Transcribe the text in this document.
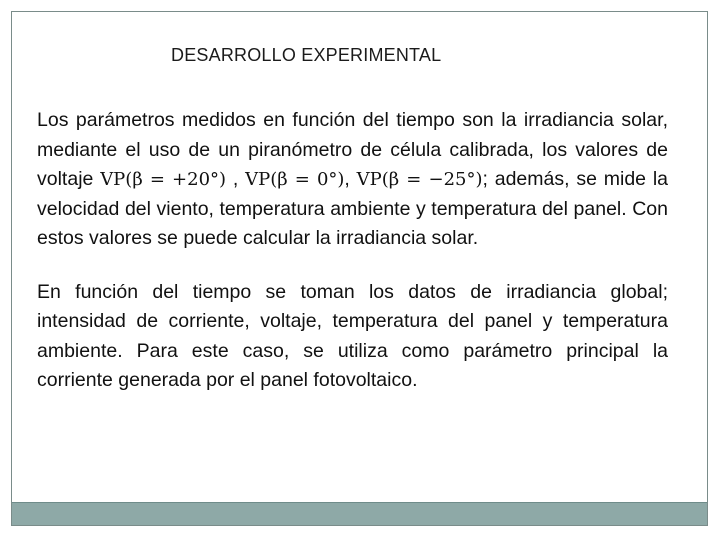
DESARROLLO EXPERIMENTAL

Los parámetros medidos en función del tiempo son la irradiancia solar, mediante el uso de un piranómetro de célula calibrada, los valores de voltaje VP(β = +20°) , VP(β = 0°), VP(β = −25°); además, se mide la velocidad del viento, temperatura ambiente y temperatura del panel. Con estos valores se puede calcular la irradiancia solar.

En función del tiempo se toman los datos de irradiancia global; intensidad de corriente, voltaje, temperatura del panel y temperatura ambiente. Para este caso, se utiliza como parámetro principal la corriente generada por el panel fotovoltaico.
